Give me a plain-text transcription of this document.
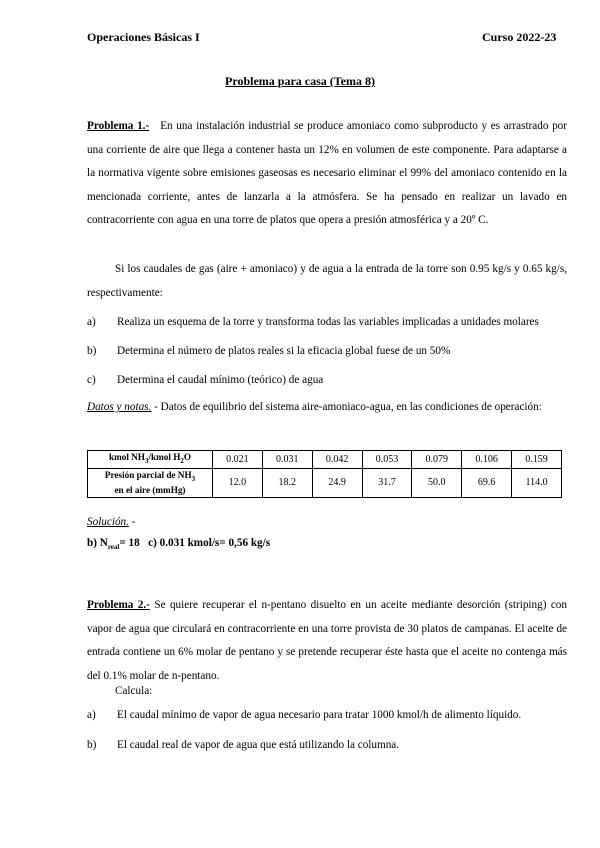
Operaciones Básicas I	Curso 2022-23
Problema para casa (Tema 8)
Problema 1.- En una instalación industrial se produce amoniaco como subproducto y es arrastrado por una corriente de aire que llega a contener hasta un 12% en volumen de este componente. Para adaptarse a la normativa vigente sobre emisiones gaseosas es necesario eliminar el 99% del amoniaco contenido en la mencionada corriente, antes de lanzarla a la atmósfera. Se ha pensado en realizar un lavado en contracorriente con agua en una torre de platos que opera a presión atmosférica y a 20º C.
Si los caudales de gas (aire + amoniaco) y de agua a la entrada de la torre son 0.95 kg/s y 0.65 kg/s, respectivamente:
a) Realiza un esquema de la torre y transforma todas las variables implicadas a unidades molares
b) Determina el número de platos reales si la eficacia global fuese de un 50%
c) Determina el caudal mínimo (teórico) de agua
Datos y notas. - Datos de equilibrio del sistema aire-amoniaco-agua, en las condiciones de operación:
kmol $NH_3$/kmol $H_2O$	0.021	0.031	0.042	0.053	0.079	0.106	0.159
Presión parcial de $NH_3$
en el aire (mmHg)	12.0	18.2	24.9	31.7	50.0	69.6	114.0
Solución. -
b) $N_{real}= 18$ c) 0.031 kmol/s= 0,56 kg/s
Problema 2.- Se quiere recuperar el n-pentano disuelto en un aceite mediante desorción (striping) con vapor de agua que circulará en contracorriente en una torre provista de 30 platos de campanas. El aceite de entrada contiene un 6% molar de pentano y se pretende recuperar éste hasta que el aceite no contenga más del 0.1% molar de n-pentano.
Calcula:
a) El caudal mínimo de vapor de agua necesario para tratar 1000 kmol/h de alimento líquido.
b) El caudal real de vapor de agua que está utilizando la columna.
